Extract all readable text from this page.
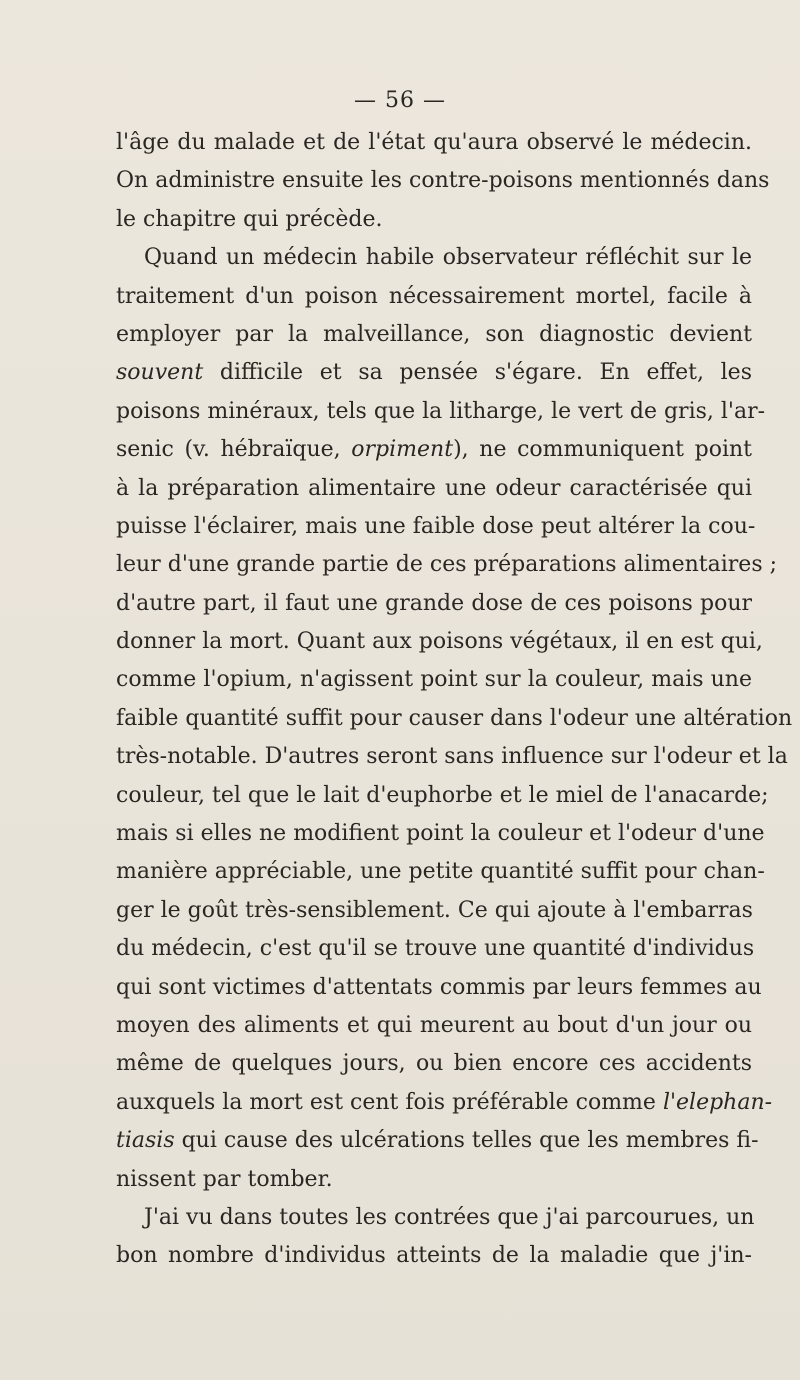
— 56 —
l'âge du malade et de l'état qu'aura observé le médecin.
On administre ensuite les contre-poisons mentionnés dans
le chapitre qui précède.
Quand un médecin habile observateur réfléchit sur le
traitement d'un poison nécessairement mortel, facile à
employer par la malveillance, son diagnostic devient
souvent difficile et sa pensée s'égare. En effet, les
poisons minéraux, tels que la litharge, le vert de gris, l'ar-
senic (v. hébraïque, orpiment), ne communiquent point
à la préparation alimentaire une odeur caractérisée qui
puisse l'éclairer, mais une faible dose peut altérer la cou-
leur d'une grande partie de ces préparations alimentaires ;
d'autre part, il faut une grande dose de ces poisons pour
donner la mort. Quant aux poisons végétaux, il en est qui,
comme l'opium, n'agissent point sur la couleur, mais une
faible quantité suffit pour causer dans l'odeur une altération
très-notable. D'autres seront sans influence sur l'odeur et la
couleur, tel que le lait d'euphorbe et le miel de l'anacarde;
mais si elles ne modifient point la couleur et l'odeur d'une
manière appréciable, une petite quantité suffit pour chan-
ger le goût très-sensiblement. Ce qui ajoute à l'embarras
du médecin, c'est qu'il se trouve une quantité d'individus
qui sont victimes d'attentats commis par leurs femmes au
moyen des aliments et qui meurent au bout d'un jour ou
même de quelques jours, ou bien encore ces accidents
auxquels la mort est cent fois préférable comme l'elephan-
tiasis qui cause des ulcérations telles que les membres fi-
nissent par tomber.
J'ai vu dans toutes les contrées que j'ai parcourues, un
bon nombre d'individus atteints de la maladie que j'in-
